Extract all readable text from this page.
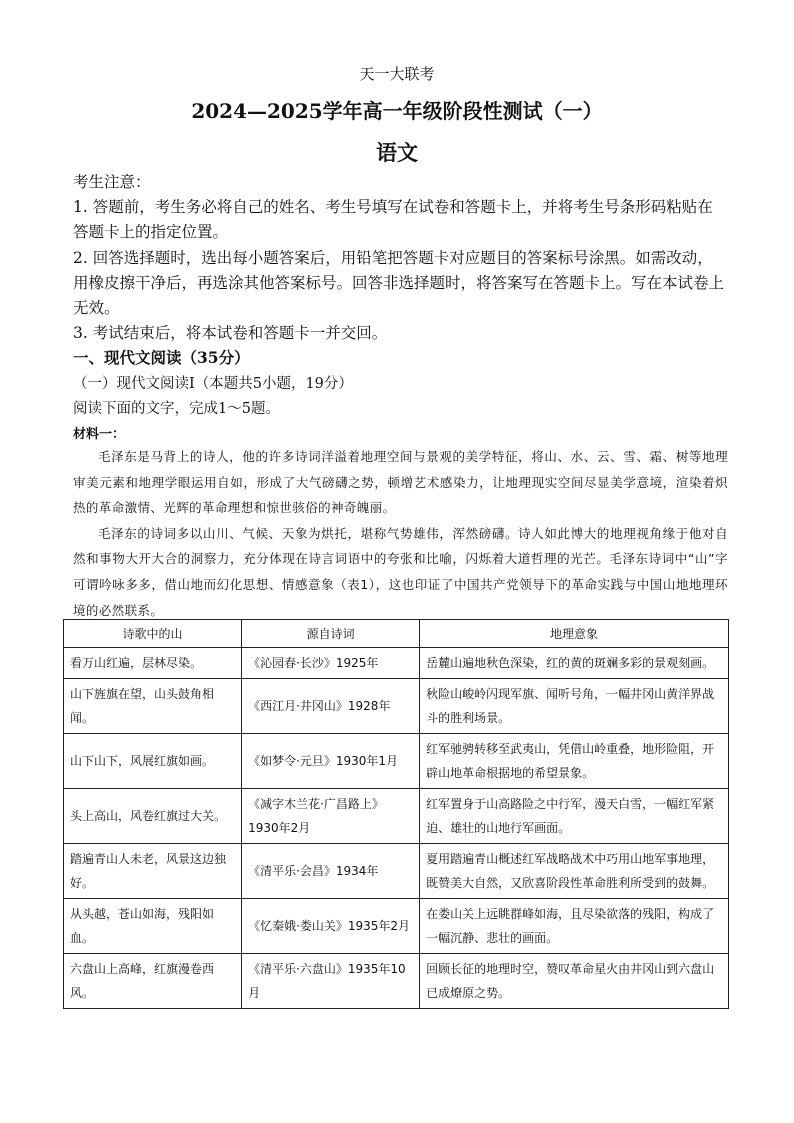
天一大联考
2024—2025学年高一年级阶段性测试（一）
语文

考生注意：

1. 答题前，考生务必将自己的姓名、考生号填写在试卷和答题卡上，并将考生号条形码粘贴在答题卡上的指定位置。

2. 回答选择题时，选出每小题答案后，用铅笔把答题卡对应题目的答案标号涂黑。如需改动，用橡皮擦干净后，再选涂其他答案标号。回答非选择题时，将答案写在答题卡上。写在本试卷上无效。

3. 考试结束后，将本试卷和答题卡一并交回。

一、现代文阅读（35分）
（一）现代文阅读Ⅰ（本题共5小题，19分）
阅读下面的文字，完成1～5题。
材料一：

毛泽东是马背上的诗人，他的许多诗词洋溢着地理空间与景观的美学特征，将山、水、云、雪、霜、树等地理审美元素和地理学眼运用自如，形成了大气磅礴之势，顿增艺术感染力，让地理现实空间尽显美学意境，渲染着炽热的革命激情、光辉的革命理想和惊世骇俗的神奇魄丽。

毛泽东的诗词多以山川、气候、天象为烘托，堪称气势雄伟，浑然磅礴。诗人如此博大的地理视角缘于他对自然和事物大开大合的洞察力，充分体现在诗言词语中的夸张和比喻，闪烁着大道哲理的光芒。毛泽东诗词中“山”字可谓吟咏多多，借山地而幻化思想、情感意象（表1），这也印证了中国共产党领导下的革命实践与中国山地地理环境的必然联系。

诗歌中的山	源自诗词	地理意象
看万山红遍，层林尽染。	《沁园春·长沙》1925年	岳麓山遍地秋色深染，红的黄的斑斓多彩的景观刻画。
山下旌旗在望，山头鼓角相闻。	《西江月·井冈山》1928年	秋险山峻岭闪现军旗、闻听号角，一幅井冈山黄洋界战斗的胜利场景。
山下山下，风展红旗如画。	《如梦令·元旦》1930年1月	红军驰骋转移至武夷山，凭借山岭重叠，地形险阻，开辟山地革命根据地的希望景象。
头上高山，风卷红旗过大关。	《减字木兰花·广昌路上》1930年2月	红军置身于山高路险之中行军，漫天白雪，一幅红军紧迫、雄壮的山地行军画面。
踏遍青山人未老，风景这边独好。	《清平乐·会昌》1934年	夏用踏遍青山概述红军战略战术中巧用山地军事地理，既赞美大自然，又欣喜阶段性革命胜利所受到的鼓舞。
从头越，苍山如海，残阳如血。	《忆秦娥·娄山关》1935年2月	在娄山关上远眺群峰如海，且尽染欲落的残阳，构成了一幅沉静、悲壮的画面。
六盘山上高峰，红旗漫卷西风。	《清平乐·六盘山》1935年10月	回顾长征的地理时空，赞叹革命星火由井冈山到六盘山已成燎原之势。
